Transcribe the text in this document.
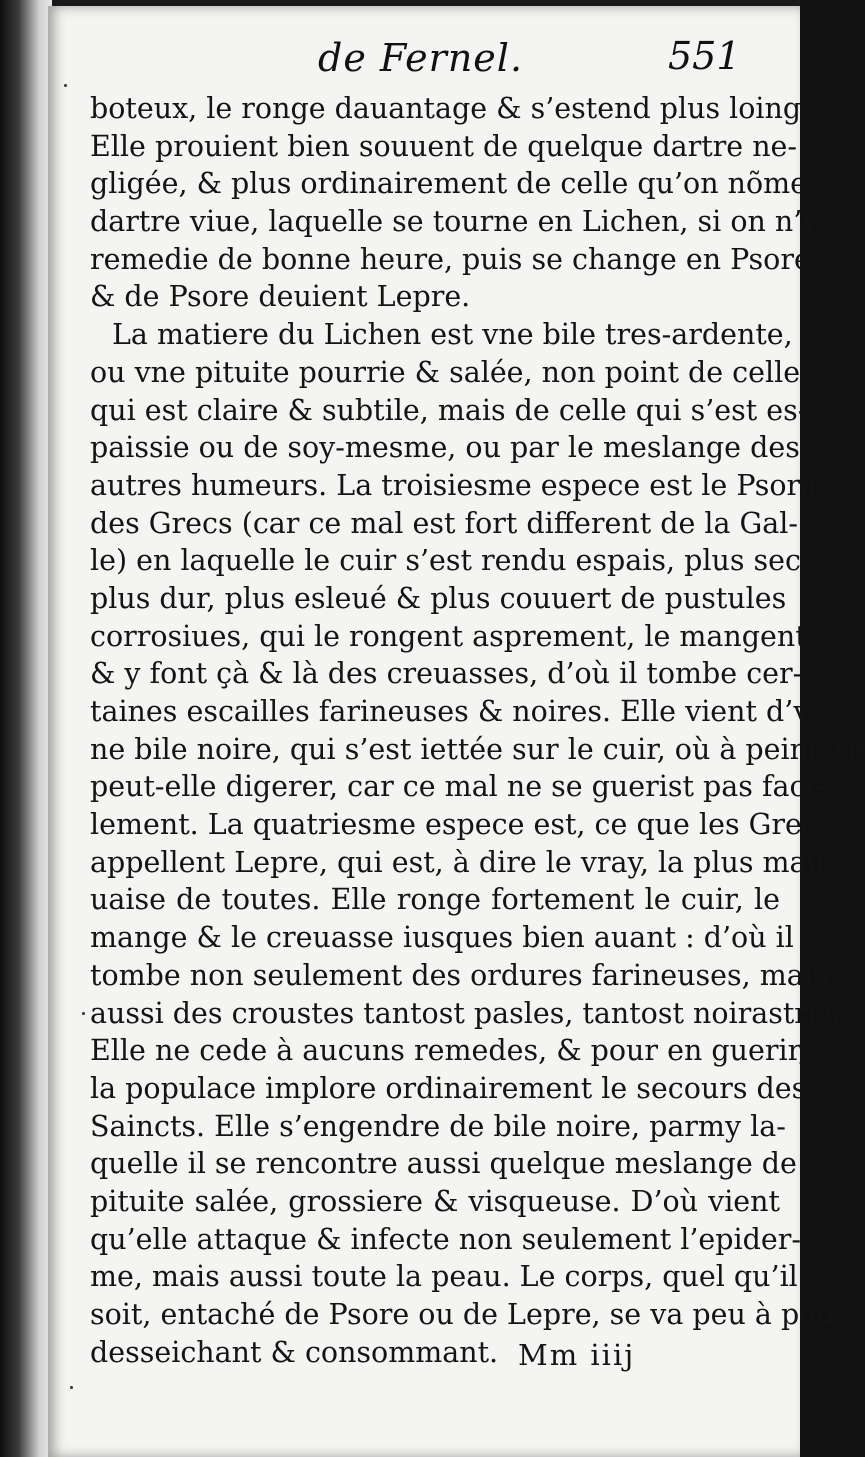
de Fernel.	551
boteux, le ronge dauantage & s’estend plus loing.
Elle prouient bien souuent de quelque dartre ne-
gligée, & plus ordinairement de celle qu’on nõme
dartre viue, laquelle se tourne en Lichen, si on n’y
remedie de bonne heure, puis se change en Psore,
& de Psore deuient Lepre.
La matiere du Lichen est vne bile tres-ardente,
ou vne pituite pourrie & salée, non point de celle
qui est claire & subtile, mais de celle qui s’est es-
paissie ou de soy-mesme, ou par le meslange des
autres humeurs. La troisiesme espece est le Psora
des Grecs (car ce mal est fort different de la Gal-
le) en laquelle le cuir s’est rendu espais, plus sec,
plus dur, plus esleué & plus couuert de pustules
corrosiues, qui le rongent asprement, le mangent,
& y font çà & là des creuasses, d’où il tombe cer-
taines escailles farineuses & noires. Elle vient d’v-
ne bile noire, qui s’est iettée sur le cuir, où à peine se
peut-elle digerer, car ce mal ne se guerist pas faci-
lement. La quatriesme espece est, ce que les Grecs
appellent Lepre, qui est, à dire le vray, la plus mau-
uaise de toutes. Elle ronge fortement le cuir, le
mange & le creuasse iusques bien auant : d’où il
tombe non seulement des ordures farineuses, mais
aussi des croustes tantost pasles, tantost noirastres.
Elle ne cede à aucuns remedes, & pour en guerir,
la populace implore ordinairement le secours des
Saincts. Elle s’engendre de bile noire, parmy la-
quelle il se rencontre aussi quelque meslange de
pituite salée, grossiere & visqueuse. D’où vient
qu’elle attaque & infecte non seulement l’epider-
me, mais aussi toute la peau. Le corps, quel qu’il
soit, entaché de Psore ou de Lepre, se va peu à peu
desseichant & consommant. Mm iiij
